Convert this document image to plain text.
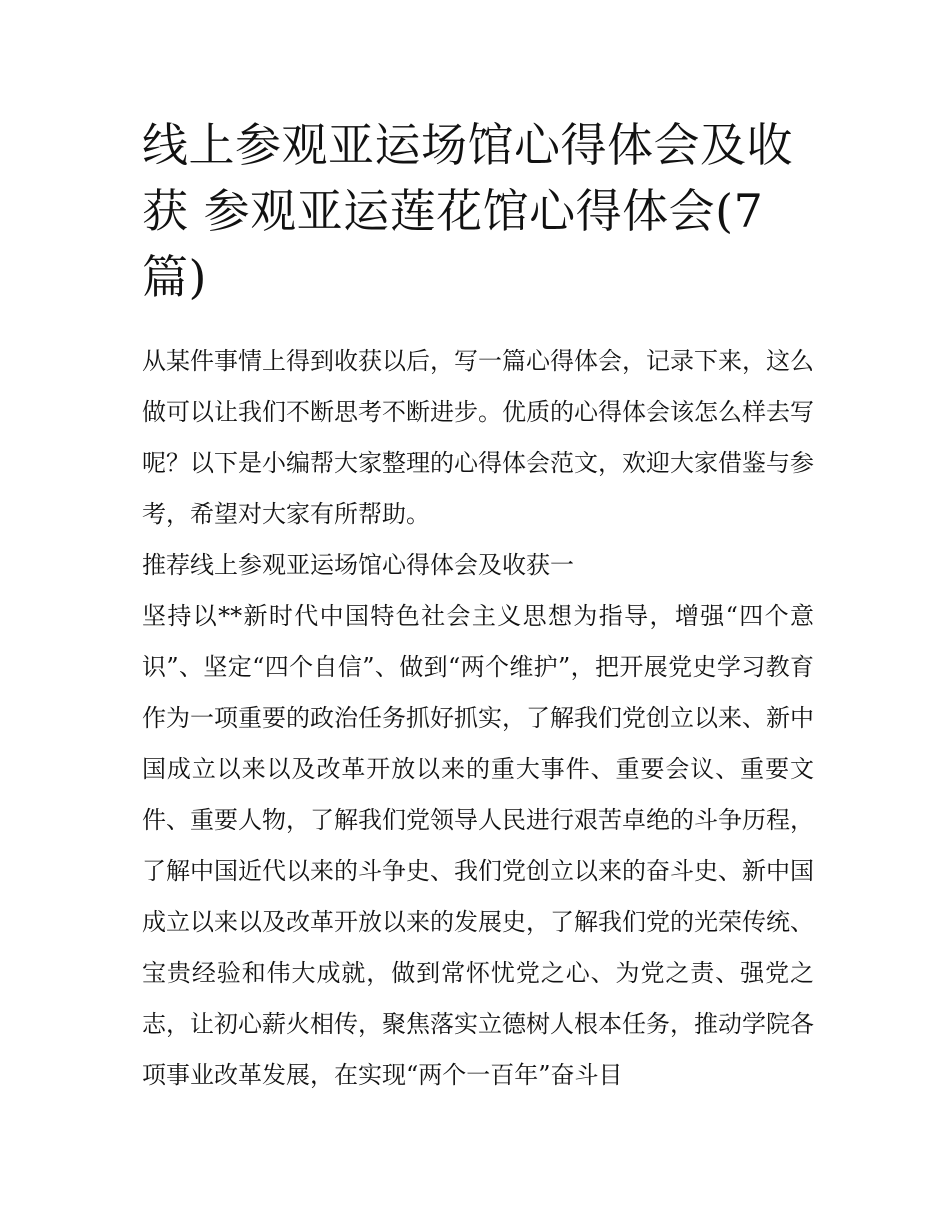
线上参观亚运场馆心得体会及收获 参观亚运莲花馆心得体会(7篇)

从某件事情上得到收获以后，写一篇心得体会，记录下来，这么做可以让我们不断思考不断进步。优质的心得体会该怎么样去写呢？以下是小编帮大家整理的心得体会范文，欢迎大家借鉴与参考，希望对大家有所帮助。

推荐线上参观亚运场馆心得体会及收获一

坚持以**新时代中国特色社会主义思想为指导，增强“四个意识”、坚定“四个自信”、做到“两个维护”，把开展党史学习教育作为一项重要的政治任务抓好抓实，了解我们党创立以来、新中国成立以来以及改革开放以来的重大事件、重要会议、重要文件、重要人物，了解我们党领导人民进行艰苦卓绝的斗争历程，了解中国近代以来的斗争史、我们党创立以来的奋斗史、新中国成立以来以及改革开放以来的发展史，了解我们党的光荣传统、宝贵经验和伟大成就，做到常怀忧党之心、为党之责、强党之志，让初心薪火相传，聚焦落实立德树人根本任务，推动学院各项事业改革发展，在实现“两个一百年”奋斗目
